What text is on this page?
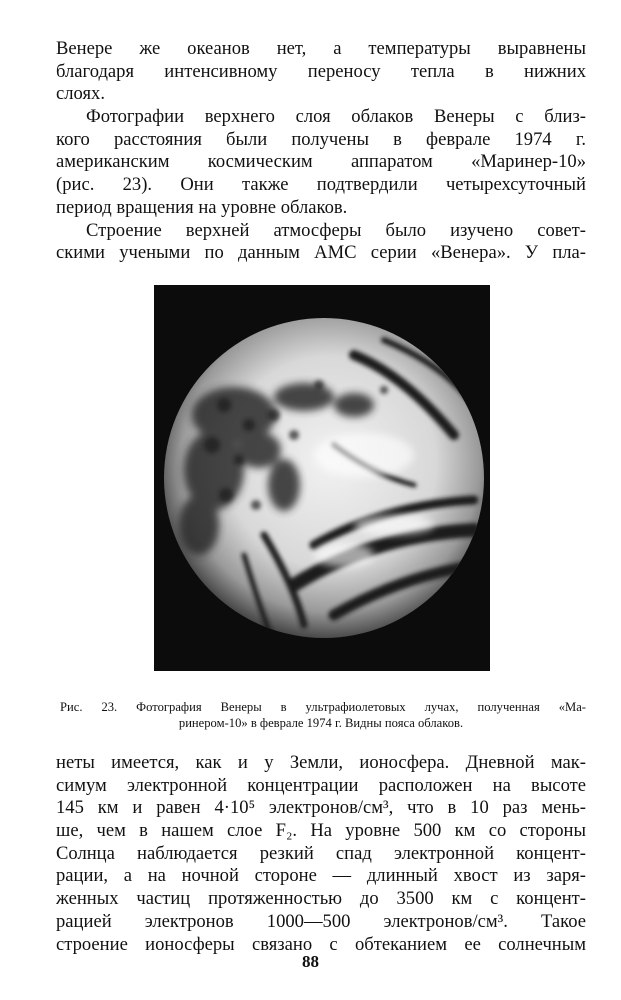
Венере же океанов нет, а температуры выравнены
благодаря интенсивному переносу тепла в нижних
слоях.
Фотографии верхнего слоя облаков Венеры с близ-
кого расстояния были получены в феврале 1974 г.
американским космическим аппаратом «Маринер-10»
(рис. 23). Они также подтвердили четырехсуточный
период вращения на уровне облаков.
Строение верхней атмосферы было изучено совет-
скими учеными по данным АМС серии «Венера». У пла-
Рис. 23. Фотография Венеры в ультрафиолетовых лучах, полученная «Ма-
ринером-10» в феврале 1974 г. Видны пояса облаков.
неты имеется, как и у Земли, ионосфера. Дневной мак-
симум электронной концентрации расположен на высоте
145 км и равен 4·10⁵ электронов/см³, что в 10 раз мень-
ше, чем в нашем слое F₂. На уровне 500 км со стороны
Солнца наблюдается резкий спад электронной концент-
рации, а на ночной стороне — длинный хвост из заря-
женных частиц протяженностью до 3500 км с концент-
рацией электронов 1000—500 электронов/см³. Такое
строение ионосферы связано с обтеканием ее солнечным
88
